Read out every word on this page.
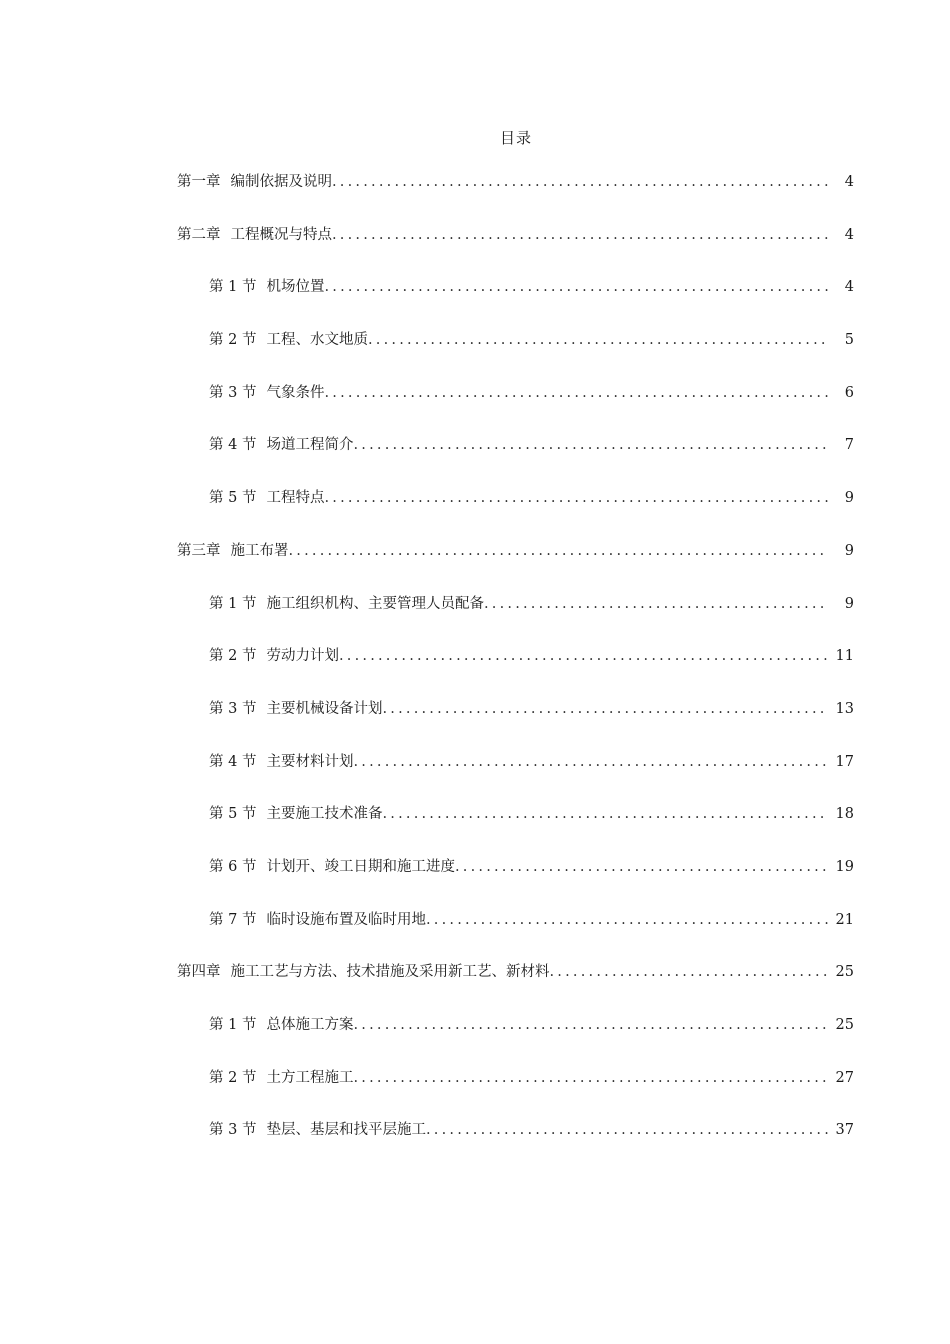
目录
第一章 编制依据及说明 .....	4
第二章 工程概况与特点 .....	4
第 1 节 机场位置 .....	4
第 2 节 工程、水文地质 .....	5
第 3 节 气象条件 .....	6
第 4 节 场道工程简介 .....	7
第 5 节 工程特点 .....	9
第三章 施工布署 .....	9
第 1 节 施工组织机构、主要管理人员配备 .....	9
第 2 节 劳动力计划 .....	11
第 3 节 主要机械设备计划 .....	13
第 4 节 主要材料计划 .....	17
第 5 节 主要施工技术准备 .....	18
第 6 节 计划开、竣工日期和施工进度 .....	19
第 7 节 临时设施布置及临时用地 .....	21
第四章 施工工艺与方法、技术措施及采用新工艺、新材料 .....	25
第 1 节 总体施工方案 .....	25
第 2 节 土方工程施工 .....	27
第 3 节 垫层、基层和找平层施工 .....	37
